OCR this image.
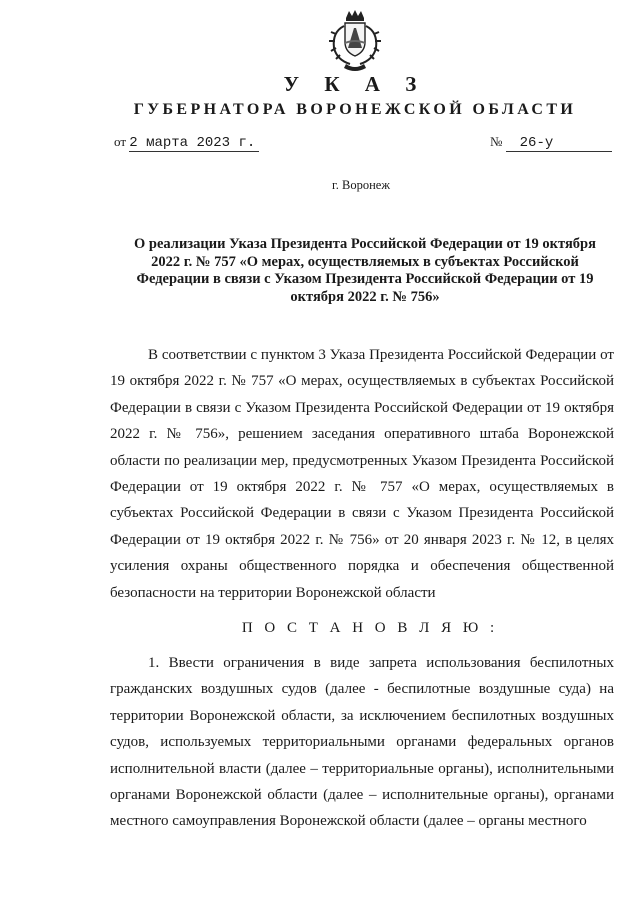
У К А З
ГУБЕРНАТОРА ВОРОНЕЖСКОЙ ОБЛАСТИ
от 2 марта 2023 г.	№ 26-у
г. Воронеж
О реализации Указа Президента Российской Федерации от 19 октября 2022 г. № 757 «О мерах, осуществляемых в субъектах Российской Федерации в связи с Указом Президента Российской Федерации от 19 октября 2022 г. № 756»
В соответствии с пунктом 3 Указа Президента Российской Федерации от 19 октября 2022 г. № 757 «О мерах, осуществляемых в субъектах Российской Федерации в связи с Указом Президента Российской Федерации от 19 октября 2022 г. № 756», решением заседания оперативного штаба Воронежской области по реализации мер, предусмотренных Указом Президента Российской Федерации от 19 октября 2022 г. № 757 «О мерах, осуществляемых в субъектах Российской Федерации в связи с Указом Президента Российской Федерации от 19 октября 2022 г. № 756» от 20 января 2023 г. № 12, в целях усиления охраны общественного порядка и обеспечения общественной безопасности на территории Воронежской области
П О С Т А Н О В Л Я Ю :
1. Ввести ограничения в виде запрета использования беспилотных гражданских воздушных судов (далее - беспилотные воздушные суда) на территории Воронежской области, за исключением беспилотных воздушных судов, используемых территориальными органами федеральных органов исполнительной власти (далее – территориальные органы), исполнительными органами Воронежской области (далее – исполнительные органы), органами местного самоуправления Воронежской области (далее – органы местного
